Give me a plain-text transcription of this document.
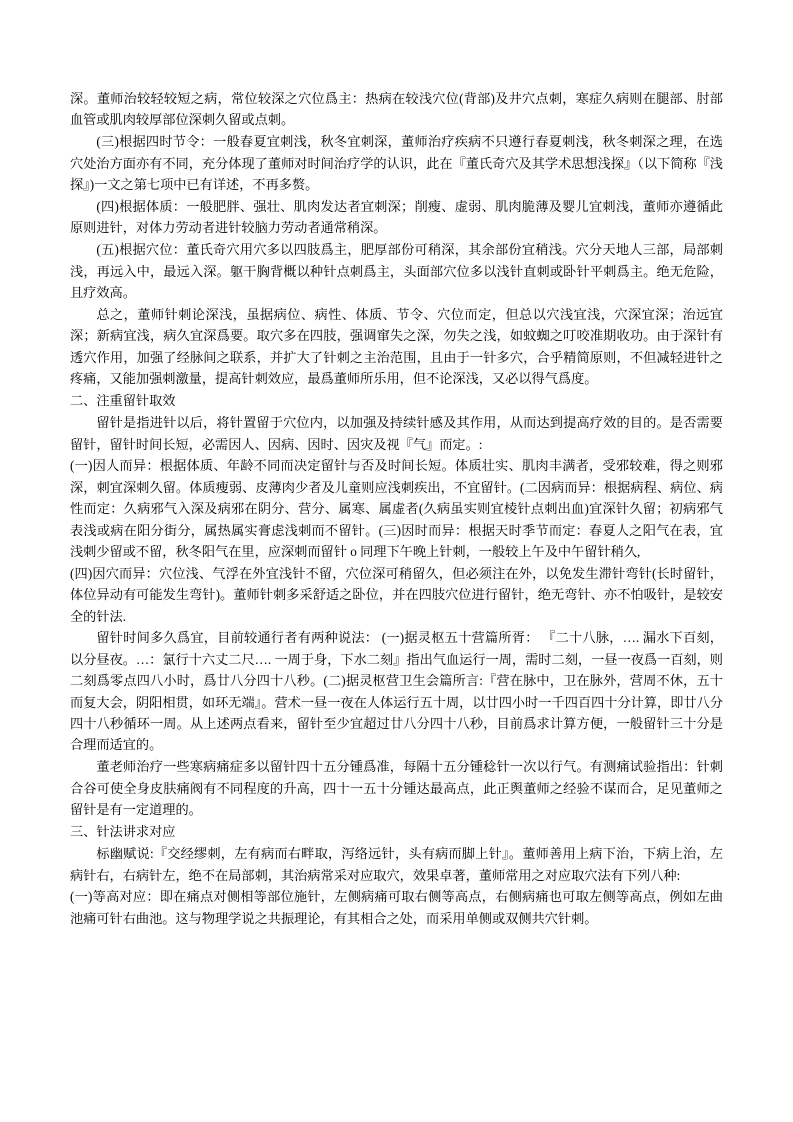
深。董师治较轻较短之病，常位较深之穴位爲主：热病在较浅穴位(背部)及井穴点刺，寒症久病则在腿部、肘部血管或肌肉较厚部位深刺久留或点刺。

(三)根据四时节令：一般春夏宜刺浅，秋冬宜刺深，董师治疗疾病不只遵行春夏刺浅，秋冬刺深之理，在选穴处治方面亦有不同，充分体现了董师对时间治疗学的认识，此在『董氏奇穴及其学术思想浅探』（以下简称『浅探』)一文之第七项中已有详述，不再多赘。

(四)根据体质：一般肥胖、强壮、肌肉发达者宜刺深；削瘦、虚弱、肌肉脆薄及婴儿宜刺浅，董师亦遵循此原则进针，对体力劳动者进针较脑力劳动者通常稍深。

(五)根据穴位：董氏奇穴用穴多以四肢爲主，肥厚部份可稍深，其余部份宜稍浅。穴分天地人三部，局部刺浅，再远入中，最远入深。躯干胸背概以种针点刺爲主，头面部穴位多以浅针直刺或卧针平刺爲主。绝无危险，且疗效高。

总之，董师针刺论深浅，虽据病位、病性、体质、节令、穴位而定，但总以穴浅宜浅，穴深宜深；治远宜深；新病宜浅，病久宜深爲要。取穴多在四肢，强调窜失之深，勿失之浅，如蚊蜘之叮咬准期收功。由于深针有透穴作用，加强了经脉间之联系，并扩大了针刺之主治范围，且由于一针多穴，合乎精简原则，不但减轻进针之疼痛，又能加强刺激量，提高针刺效应，最爲董师所乐用，但不论深浅，又必以得气爲度。

二、注重留针取效

留针是指进针以后，将针置留于穴位内，以加强及持续针感及其作用，从而达到提高疗效的目的。是否需要留针，留针时间长短，必需因人、因病、因时、因灾及视『气』而定。:

(一)因人而异：根据体质、年龄不同而决定留针与否及时间长短。体质壮实、肌肉丰满者，受邪较难，得之则邪深，刺宜深刺久留。体质瘦弱、皮薄肉少者及儿童则应浅刺疾出，不宜留针。(二因病而异：根据病程、病位、病性而定：久病邪气入深及病邪在阴分、营分、属寒、属虚者(久病虽实则宜棱针点刺出血)宜深针久留；初病邪气表浅或病在阳分街分，属热属实膏虑浅刺而不留针。(三)因时而异：根据天时季节而定：春夏人之阳气在表，宜浅刺少留或不留，秋冬阳气在里，应深刺而留针 o 同理下午晚上针刺，一般较上午及中午留针稍久,

(四)因穴而异：穴位浅、气浮在外宜浅针不留，穴位深可稍留久，但必须注在外，以免发生滞针弯针(长时留针，体位异动有可能发生弯针)。董师针刺多采舒适之卧位，并在四肢穴位进行留针，绝无弯针、亦不怕吸针，是较安全的针法.

留针时间多久爲宜，目前较通行者有两种说法： (一)据灵枢五十营篇所胥： 『二十八脉，…. 漏水下百刻，以分昼夜。…：氯行十六丈二尺…. 一周于身，下水二刻』指出气血运行一周，需时二刻，一昼一夜爲一百刻，则二刻爲零点四八小时，爲廿八分四十八秒。(二)据灵枢营卫生会篇所言:『营在脉中，卫在脉外，营周不休，五十而复大会，阴阳相贯，如环无端』。营术一昼一夜在人体运行五十周，以廿四小时一千四百四十分计算，即廿八分四十八秒循环一周。从上述两点看来，留针至少宜超过廿八分四十八秒，目前爲求计算方便，一般留针三十分是合理而适宜的。

董老师治疗一些寒病痛症多以留针四十五分锺爲准，每隔十五分锺稔针一次以行气。有测痛试验指出：针刺合谷可使全身皮肤痛阀有不同程度的升高，四十一五十分锺达最高点，此正舆董师之经验不谋而合，足见董师之留针是有一定道理的。

三、针法讲求对应

标幽赋说:『交经缪刺，左有病而右畔取，泻络远针，头有病而脚上针』。董师善用上病下治，下病上治，左病针右，右病针左，绝不在局部刺，其治病常采对应取穴，效果卓著，董师常用之对应取穴法有下列八种:

(一)等高对应：即在痛点对侧相等部位施针，左侧病痛可取右侧等高点，右侧病痛也可取左侧等高点，例如左曲池痛可针右曲池。这与物理学说之共振理论，有其相合之处，而采用单侧或双侧共穴针刺。
